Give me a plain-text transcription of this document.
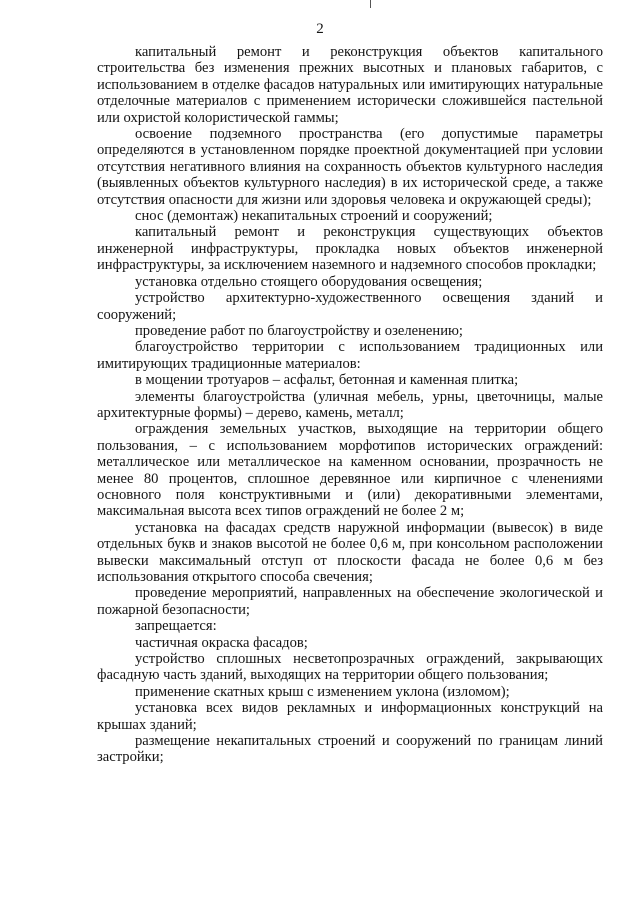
2

капитальный ремонт и реконструкция объектов капитального строительства без изменения прежних высотных и плановых габаритов, с использованием в отделке фасадов натуральных или имитирующих натуральные отделочные материалов с применением исторически сложившейся пастельной или охристой колористической гаммы;

освоение подземного пространства (его допустимые параметры определяются в установленном порядке проектной документацией при условии отсутствия негативного влияния на сохранность объектов культурного наследия (выявленных объектов культурного наследия) в их исторической среде, а также отсутствия опасности для жизни или здоровья человека и окружающей среды);

снос (демонтаж) некапитальных строений и сооружений;

капитальный ремонт и реконструкция существующих объектов инженерной инфраструктуры, прокладка новых объектов инженерной инфраструктуры, за исключением наземного и надземного способов прокладки;

установка отдельно стоящего оборудования освещения;

устройство архитектурно-художественного освещения зданий и сооружений;

проведение работ по благоустройству и озеленению;

благоустройство территории с использованием традиционных или имитирующих традиционные материалов:

в мощении тротуаров – асфальт, бетонная и каменная плитка;

элементы благоустройства (уличная мебель, урны, цветочницы, малые архитектурные формы) – дерево, камень, металл;

ограждения земельных участков, выходящие на территории общего пользования, – с использованием морфотипов исторических ограждений: металлическое или металлическое на каменном основании, прозрачность не менее 80 процентов, сплошное деревянное или кирпичное с членениями основного поля конструктивными и (или) декоративными элементами, максимальная высота всех типов ограждений не более 2 м;

установка на фасадах средств наружной информации (вывесок) в виде отдельных букв и знаков высотой не более 0,6 м, при консольном расположении вывески максимальный отступ от плоскости фасада не более 0,6 м без использования открытого способа свечения;

проведение мероприятий, направленных на обеспечение экологической и пожарной безопасности;

запрещается:

частичная окраска фасадов;

устройство сплошных несветопрозрачных ограждений, закрывающих фасадную часть зданий, выходящих на территории общего пользования;

применение скатных крыш с изменением уклона (изломом);

установка всех видов рекламных и информационных конструкций на крышах зданий;

размещение некапитальных строений и сооружений по границам линий застройки;
